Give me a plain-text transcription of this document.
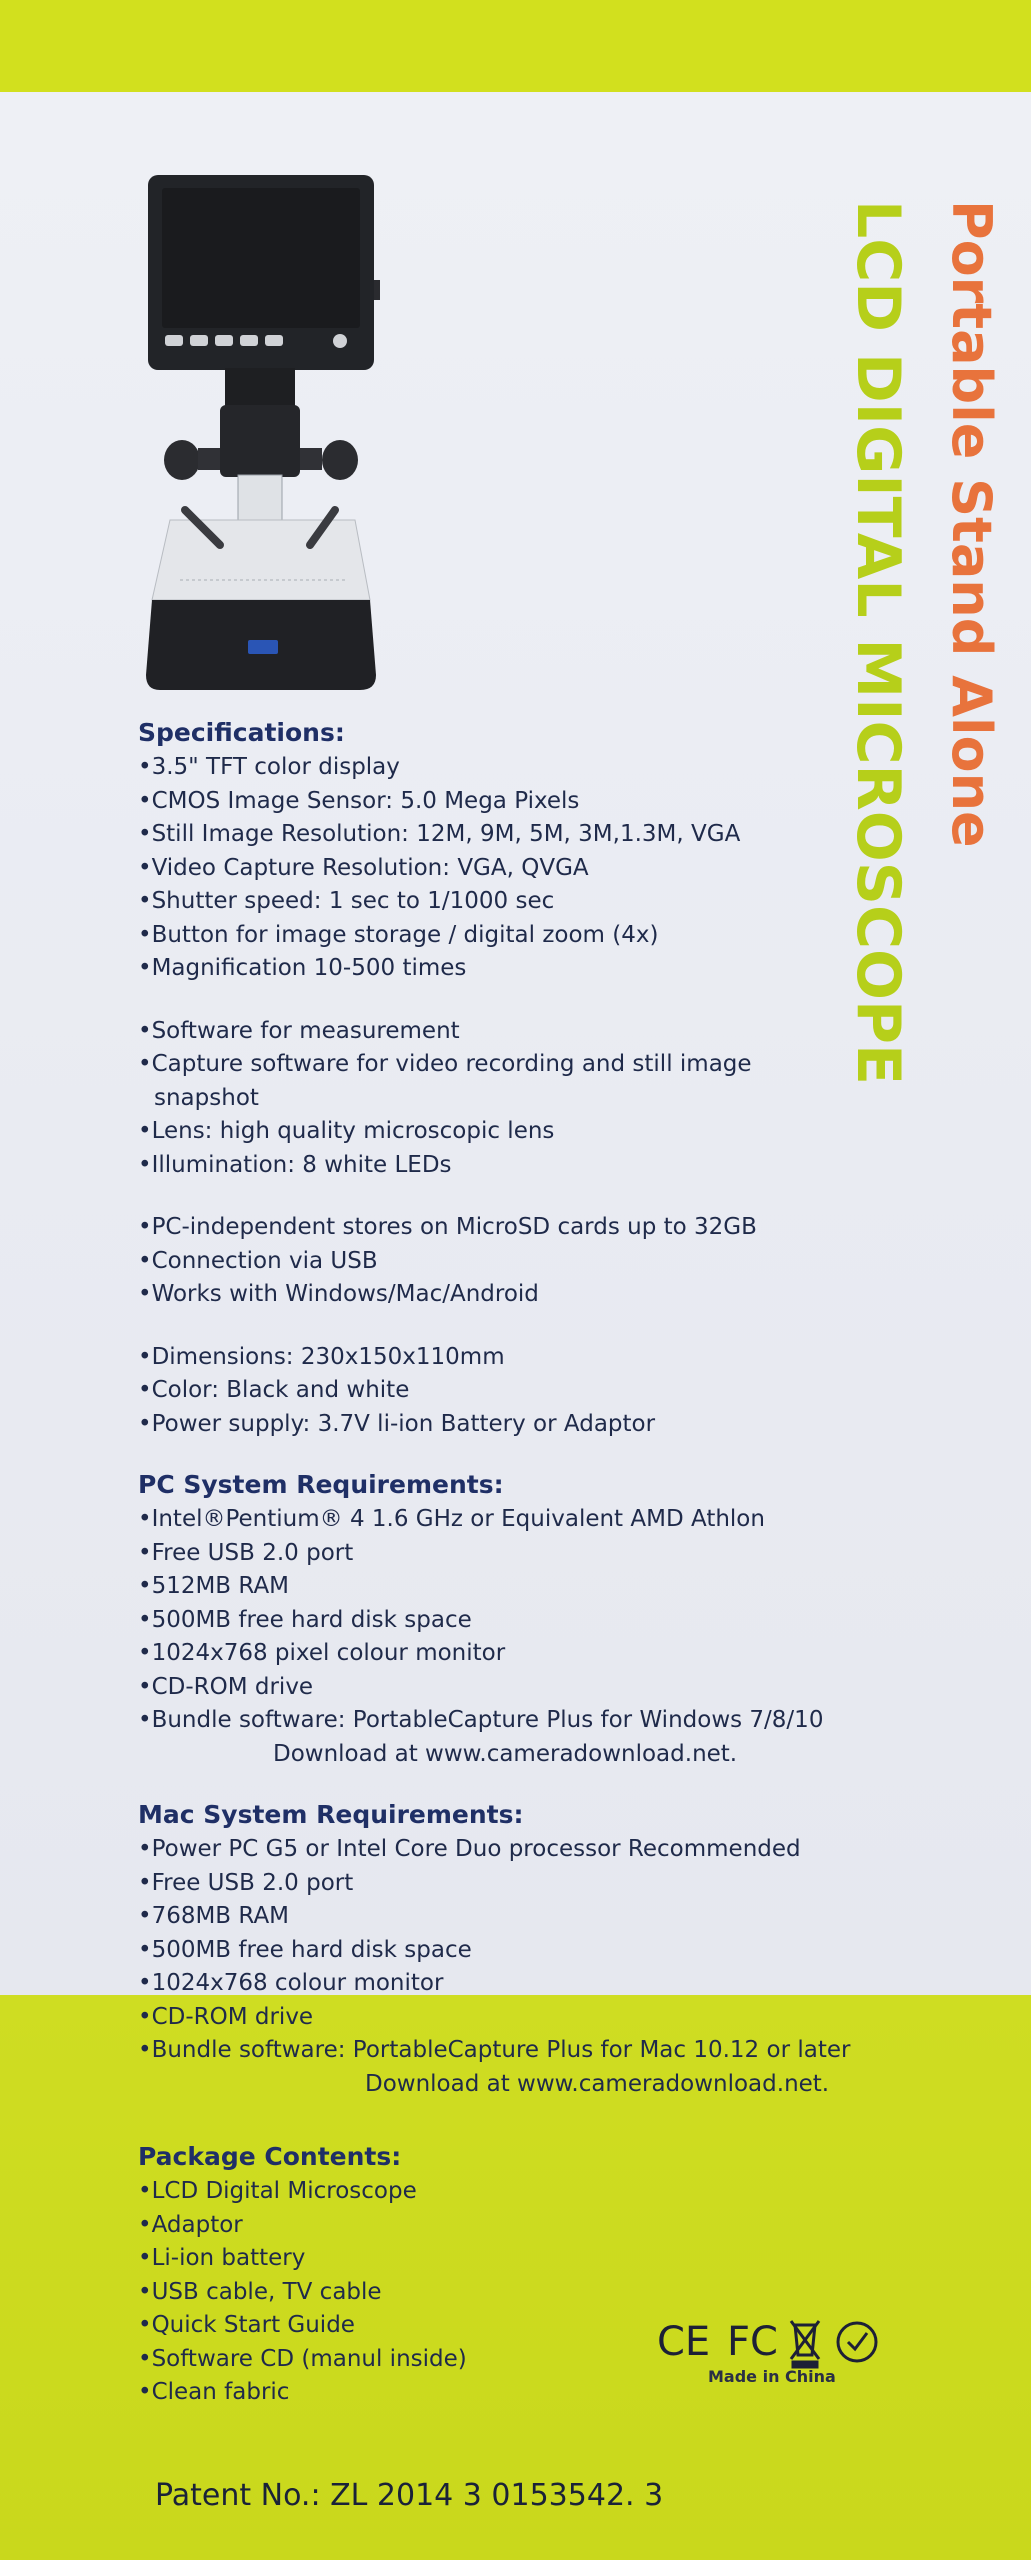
Portable Stand Alone
LCD DIGITAL MICROSCOPE

Specifications:

•3.5" TFT color display

•CMOS Image Sensor: 5.0 Mega Pixels

•Still Image Resolution: 12M, 9M, 5M, 3M,1.3M, VGA

•Video Capture Resolution: VGA, QVGA

•Shutter speed: 1 sec to 1/1000 sec

•Button for image storage / digital zoom (4x)

•Magnification 10-500 times

•Software for measurement

•Capture software for video recording and still image

snapshot

•Lens: high quality microscopic lens

•Illumination: 8 white LEDs

•PC-independent stores on MicroSD cards up to 32GB

•Connection via USB

•Works with Windows/Mac/Android

•Dimensions: 230x150x110mm

•Color: Black and white

•Power supply: 3.7V li-ion Battery or Adaptor

PC System Requirements:

•Intel®Pentium® 4 1.6 GHz or Equivalent AMD Athlon

•Free USB 2.0 port

•512MB RAM

•500MB free hard disk space

•1024x768 pixel colour monitor

•CD-ROM drive

•Bundle software: PortableCapture Plus for Windows 7/8/10

Download at www.cameradownload.net.

Mac System Requirements:

•Power PC G5 or Intel Core Duo processor Recommended

•Free USB 2.0 port

•768MB RAM

•500MB free hard disk space

•1024x768 colour monitor

•CD-ROM drive

•Bundle software: PortableCapture Plus for Mac 10.12 or later

Download at www.cameradownload.net.

Package Contents:

•LCD Digital Microscope

•Adaptor

•Li-ion battery

•USB cable, TV cable

•Quick Start Guide

•Software CD (manul inside)

•Clean fabric

CE FC
Made in China
Patent No.: ZL 2014 3 0153542. 3
